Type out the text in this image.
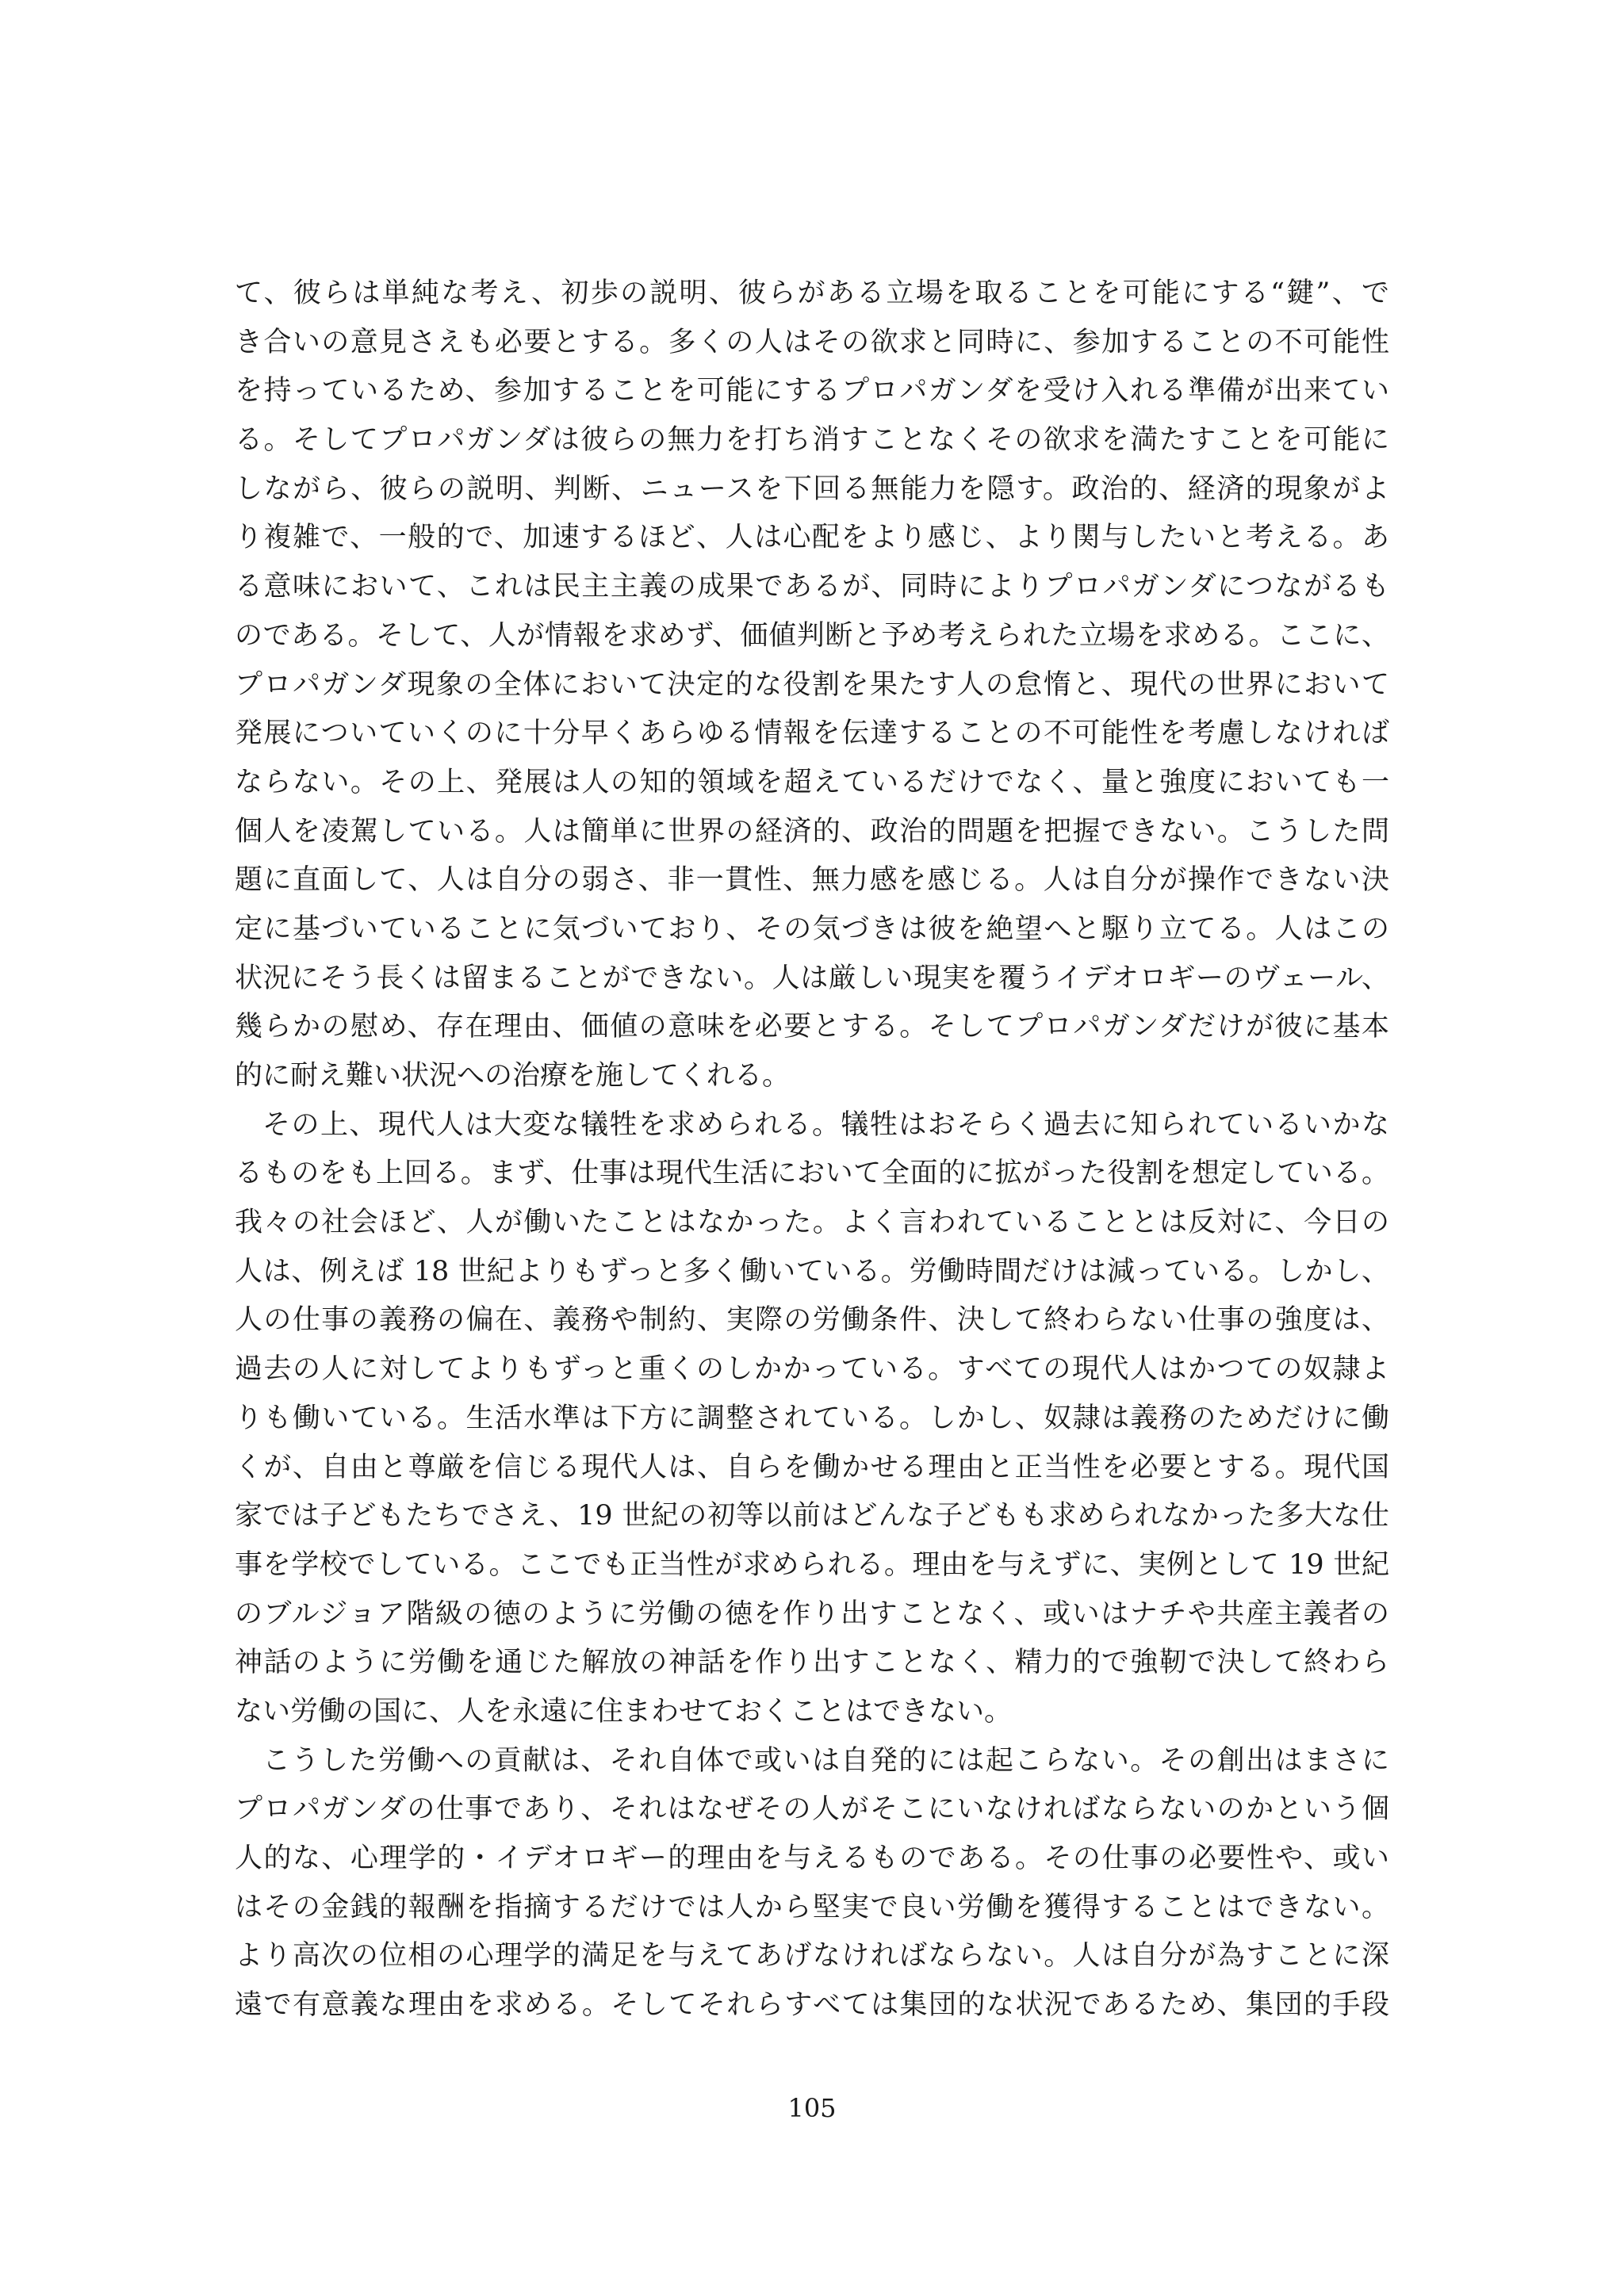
て、彼らは単純な考え、初歩の説明、彼らがある立場を取ることを可能にする“鍵”、で
き合いの意見さえも必要とする。多くの人はその欲求と同時に、参加することの不可能性
を持っているため、参加することを可能にするプロパガンダを受け入れる準備が出来てい
る。そしてプロパガンダは彼らの無力を打ち消すことなくその欲求を満たすことを可能に
しながら、彼らの説明、判断、ニュースを下回る無能力を隠す。政治的、経済的現象がよ
り複雑で、一般的で、加速するほど、人は心配をより感じ、より関与したいと考える。あ
る意味において、これは民主主義の成果であるが、同時によりプロパガンダにつながるも
のである。そして、人が情報を求めず、価値判断と予め考えられた立場を求める。ここに、
プロパガンダ現象の全体において決定的な役割を果たす人の怠惰と、現代の世界において
発展についていくのに十分早くあらゆる情報を伝達することの不可能性を考慮しなければ
ならない。その上、発展は人の知的領域を超えているだけでなく、量と強度においても一
個人を凌駕している。人は簡単に世界の経済的、政治的問題を把握できない。こうした問
題に直面して、人は自分の弱さ、非一貫性、無力感を感じる。人は自分が操作できない決
定に基づいていることに気づいており、その気づきは彼を絶望へと駆り立てる。人はこの
状況にそう長くは留まることができない。人は厳しい現実を覆うイデオロギーのヴェール、
幾らかの慰め、存在理由、価値の意味を必要とする。そしてプロパガンダだけが彼に基本
的に耐え難い状況への治療を施してくれる。
その上、現代人は大変な犠牲を求められる。犠牲はおそらく過去に知られているいかな
るものをも上回る。まず、仕事は現代生活において全面的に拡がった役割を想定している。
我々の社会ほど、人が働いたことはなかった。よく言われていることとは反対に、今日の
人は、例えば 18 世紀よりもずっと多く働いている。労働時間だけは減っている。しかし、
人の仕事の義務の偏在、義務や制約、実際の労働条件、決して終わらない仕事の強度は、
過去の人に対してよりもずっと重くのしかかっている。すべての現代人はかつての奴隷よ
りも働いている。生活水準は下方に調整されている。しかし、奴隷は義務のためだけに働
くが、自由と尊厳を信じる現代人は、自らを働かせる理由と正当性を必要とする。現代国
家では子どもたちでさえ、19 世紀の初等以前はどんな子どもも求められなかった多大な仕
事を学校でしている。ここでも正当性が求められる。理由を与えずに、実例として 19 世紀
のブルジョア階級の徳のように労働の徳を作り出すことなく、或いはナチや共産主義者の
神話のように労働を通じた解放の神話を作り出すことなく、精力的で強靭で決して終わら
ない労働の国に、人を永遠に住まわせておくことはできない。
こうした労働への貢献は、それ自体で或いは自発的には起こらない。その創出はまさに
プロパガンダの仕事であり、それはなぜその人がそこにいなければならないのかという個
人的な、心理学的・イデオロギー的理由を与えるものである。その仕事の必要性や、或い
はその金銭的報酬を指摘するだけでは人から堅実で良い労働を獲得することはできない。
より高次の位相の心理学的満足を与えてあげなければならない。人は自分が為すことに深
遠で有意義な理由を求める。そしてそれらすべては集団的な状況であるため、集団的手段
105
